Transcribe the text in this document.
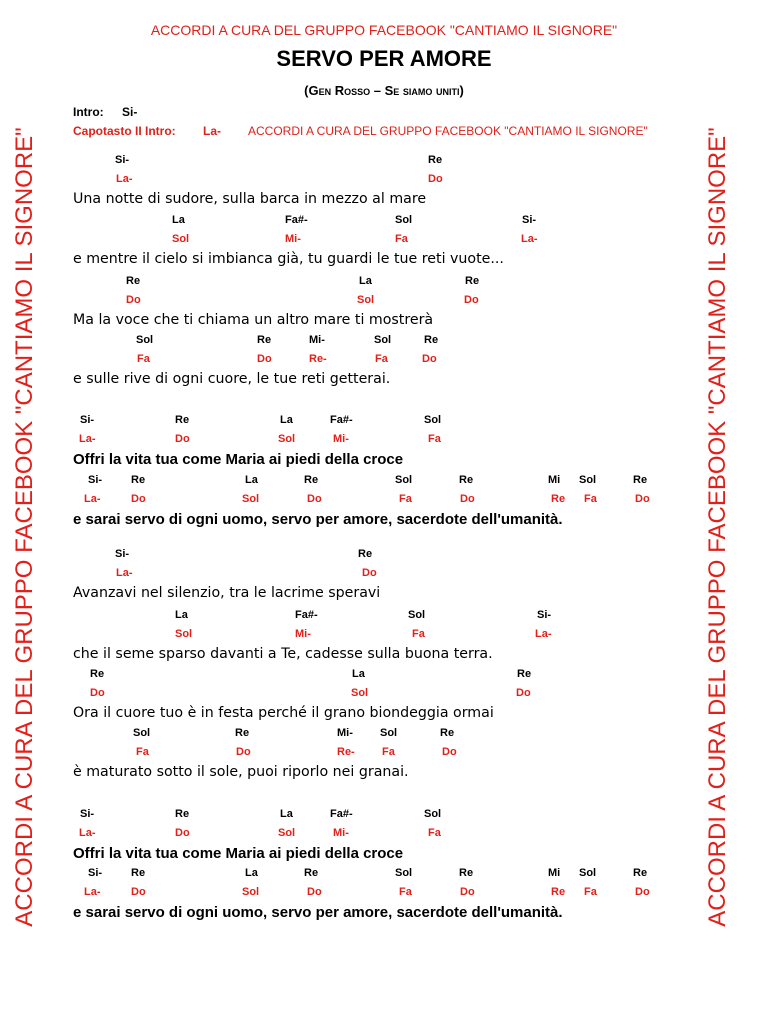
ACCORDI A CURA DEL GRUPPO FACEBOOK "CANTIAMO IL SIGNORE"
ACCORDI A CURA DEL GRUPPO FACEBOOK "CANTIAMO IL SIGNORE"	ACCORDI A CURA DEL GRUPPO FACEBOOK "CANTIAMO IL SIGNORE"
SERVO PER AMORE
(Gen Rosso – Se siamo uniti)
Intro: Si-
Capotasto II Intro: La- ACCORDI A CURA DEL GRUPPO FACEBOOK "CANTIAMO IL SIGNORE"
Si-	Re
La-	Do
Una notte di sudore, sulla barca in mezzo al mare
La	Fa#-	Sol	Si-
Sol	Mi-	Fa	La-
e mentre il cielo si imbianca già, tu guardi le tue reti vuote...
Re	La	Re
Do	Sol	Do
Ma la voce che ti chiama un altro mare ti mostrerà
Sol	Re	Mi-	Sol	Re
Fa	Do	Re-	Fa	Do
e sulle rive di ogni cuore, le tue reti getterai.
Si-	Re	La	Fa#-	Sol
La-	Do	Sol	Mi-	Fa
Offri la vita tua come Maria ai piedi della croce
Si-	Re	La	Re	Sol	Re	Mi Sol	Re
La-	Do	Sol	Do	Fa	Do	Re Fa	Do
e sarai servo di ogni uomo, servo per amore, sacerdote dell'umanità.
Si-	Re
La-	Do
Avanzavi nel silenzio, tra le lacrime speravi
La	Fa#-	Sol	Si-
Sol	Mi-	Fa	La-
che il seme sparso davanti a Te, cadesse sulla buona terra.
Re	La	Re
Do	Sol	Do
Ora il cuore tuo è in festa perché il grano biondeggia ormai
Sol	Re	Mi- Sol	Re
Fa	Do	Re- Fa	Do
è maturato sotto il sole, puoi riporlo nei granai.
Si-	Re	La	Fa#-	Sol
La-	Do	Sol	Mi-	Fa
Offri la vita tua come Maria ai piedi della croce
Si-	Re	La	Re	Sol	Re	Mi Sol	Re
La-	Do	Sol	Do	Fa	Do	Re Fa	Do
e sarai servo di ogni uomo, servo per amore, sacerdote dell'umanità.
